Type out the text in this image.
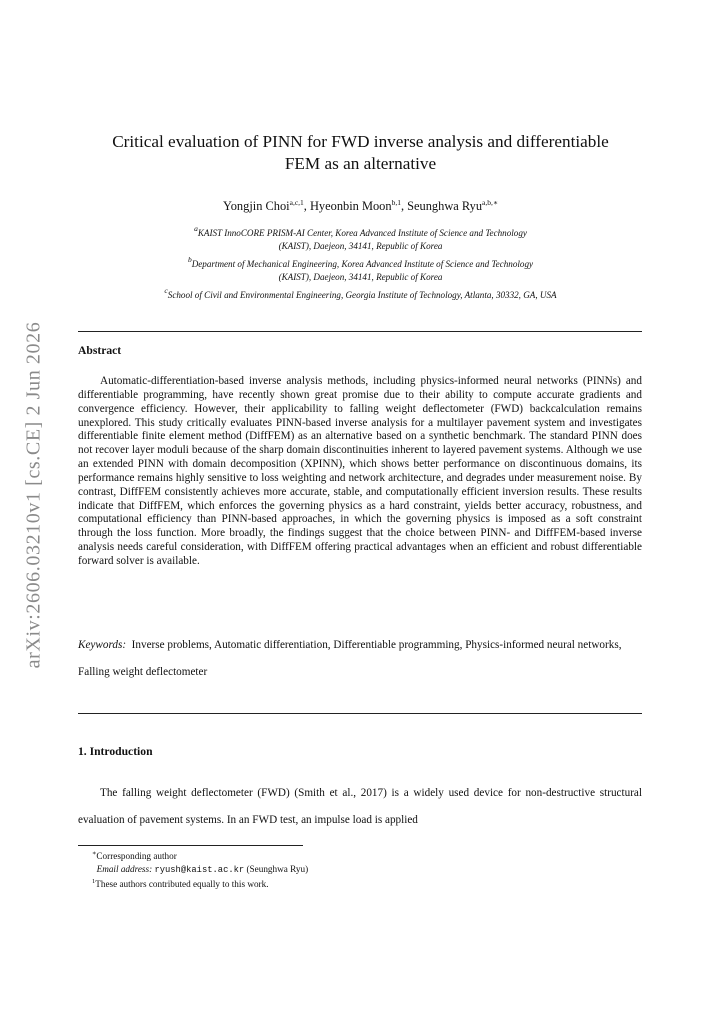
arXiv:2606.03210v1 [cs.CE] 2 Jun 2026
Critical evaluation of PINN for FWD inverse analysis and differentiable
FEM as an alternative
Yongjin Choi$^{a,c,1}$, Hyeonbin Moon$^{b,1}$, Seunghwa Ryu$^{a,b,∗}$

$^a$KAIST InnoCORE PRISM-AI Center, Korea Advanced Institute of Science and Technology
(KAIST), Daejeon, 34141, Republic of Korea

$^b$Department of Mechanical Engineering, Korea Advanced Institute of Science and Technology
(KAIST), Daejeon, 34141, Republic of Korea

$^c$School of Civil and Environmental Engineering, Georgia Institute of Technology, Atlanta, 30332, GA, USA

Abstract

Automatic-differentiation-based inverse analysis methods, including physics-informed neural networks (PINNs) and differentiable programming, have recently shown great promise due to their ability to compute accurate gradients and convergence efficiency. However, their applicability to falling weight deflectometer (FWD) backcalculation remains unexplored. This study critically evaluates PINN-based inverse analysis for a multilayer pavement system and investigates differentiable finite element method (DiffFEM) as an alternative based on a synthetic benchmark. The standard PINN does not recover layer moduli because of the sharp domain discontinuities inherent to layered pavement systems. Although we use an extended PINN with domain decomposition (XPINN), which shows better performance on discontinuous domains, its performance remains highly sensitive to loss weighting and network architecture, and degrades under measurement noise. By contrast, DiffFEM consistently achieves more accurate, stable, and computationally efficient inversion results. These results indicate that DiffFEM, which enforces the governing physics as a hard constraint, yields better accuracy, robustness, and computational efficiency than PINN-based approaches, in which the governing physics is imposed as a soft constraint through the loss function. More broadly, the findings suggest that the choice between PINN- and DiffFEM-based inverse analysis needs careful consideration, with DiffFEM offering practical advantages when an efficient and robust differentiable forward solver is available.

Keywords: Inverse problems, Automatic differentiation, Differentiable programming, Physics-informed neural networks, Falling weight deflectometer

1. Introduction

The falling weight deflectometer (FWD) (Smith et al., 2017) is a widely used device for non-destructive structural evaluation of pavement systems. In an FWD test, an impulse load is applied

∗Corresponding author

Email address: ryush@kaist.ac.kr (Seunghwa Ryu)

$^1$These authors contributed equally to this work.
